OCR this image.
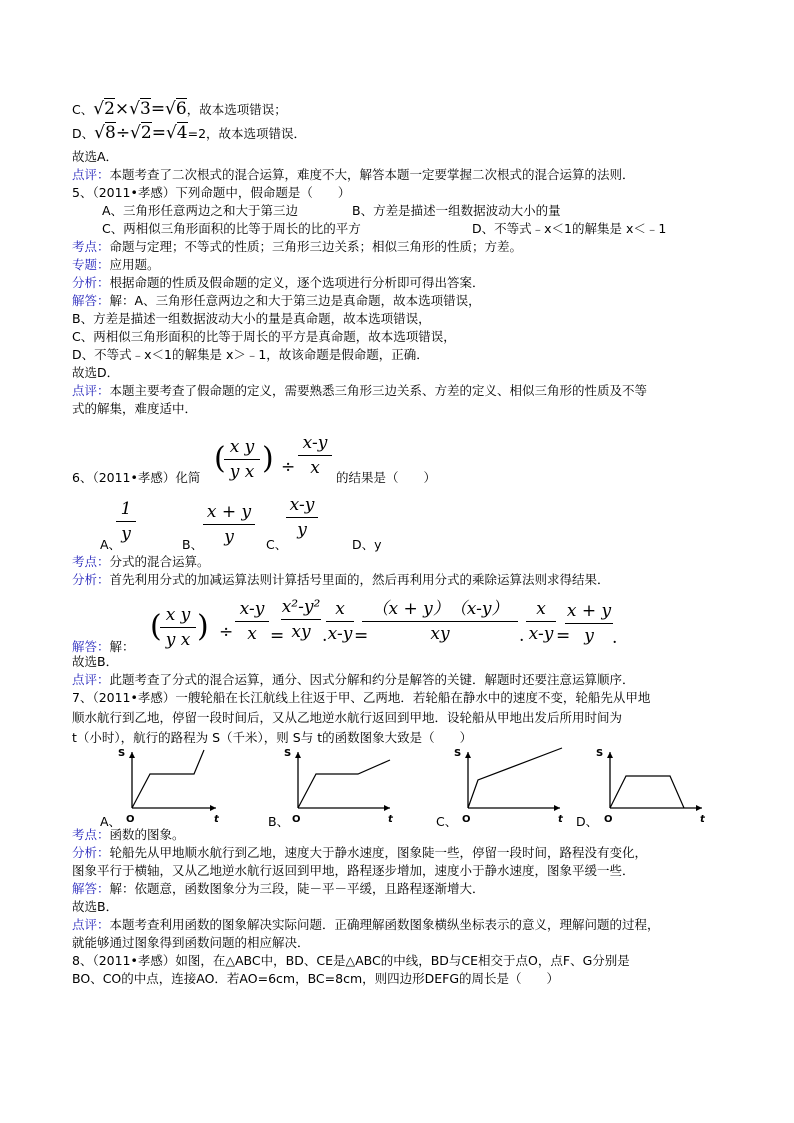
C、√2×√3=√6，故本选项错误；
D、√8÷√2=√4=2，故本选项错误．
故选A．
点评：本题考查了二次根式的混合运算，难度不大，解答本题一定要掌握二次根式的混合运算的法则．
5、（2011•孝感）下列命题中，假命题是（　　）
A、三角形任意两边之和大于第三边	B、方差是描述一组数据波动大小的量
C、两相似三角形面积的比等于周长的比的平方	D、不等式﹣x＜1的解集是 x＜﹣1
考点：命题与定理；不等式的性质；三角形三边关系；相似三角形的性质；方差。
专题：应用题。
分析：根据命题的性质及假命题的定义，逐个选项进行分析即可得出答案．
解答：解：A、三角形任意两边之和大于第三边是真命题，故本选项错误，
B、方差是描述一组数据波动大小的量是真命题，故本选项错误，
C、两相似三角形面积的比等于周长的平方是真命题，故本选项错误，
D、不等式﹣x＜1的解集是 x＞﹣1，故该命题是假命题，正确．
故选D．
点评：本题主要考查了假命题的定义，需要熟悉三角形三边关系、方差的定义、相似三角形的性质及不等
式的解集，难度适中．
6、（2011•孝感）化简
( x y
y x ) ÷
x-y
x	的结果是（　　）
1
y
A、
x + y
y
B、
x-y
y
C、	D、y
考点：分式的混合运算。
分析：首先利用分式的加减运算法则计算括号里面的，然后再利用分式的乘除运算法则求得结果．
解答：解：
( x y
y x ) ÷
x-y
x =
x²-y²
xy .
x
x-y =
（x + y）　（x-y）
xy	.
x
x-y =
x + y
y	.
故选B．
点评：此题考查了分式的混合运算，通分、因式分解和约分是解答的关键．解题时还要注意运算顺序．
7、（2011•孝感）一艘轮船在长江航线上往返于甲、乙两地．若轮船在静水中的速度不变，轮船先从甲地
顺水航行到乙地，停留一段时间后，又从乙地逆水航行返回到甲地．设轮船从甲地出发后所用时间为
t（小时），航行的路程为 S（千米），则 S与 t的函数图象大致是（　　）
A、
S
t
O	B、
S
t
O	C、
S
t
O	D、
S
t
O
考点：函数的图象。
分析：轮船先从甲地顺水航行到乙地，速度大于静水速度，图象陡一些，停留一段时间，路程没有变化，
图象平行于横轴，又从乙地逆水航行返回到甲地，路程逐步增加，速度小于静水速度，图象平缓一些．
解答：解：依题意，函数图象分为三段，陡－平－平缓，且路程逐渐增大．
故选B．
点评：本题考查利用函数的图象解决实际问题．正确理解函数图象横纵坐标表示的意义，理解问题的过程，
就能够通过图象得到函数问题的相应解决．
8、（2011•孝感）如图，在△ABC中，BD、CE是△ABC的中线，BD与CE相交于点O，点F、G分别是
BO、CO的中点，连接AO．若AO=6cm，BC=8cm，则四边形DEFG的周长是（　　）
